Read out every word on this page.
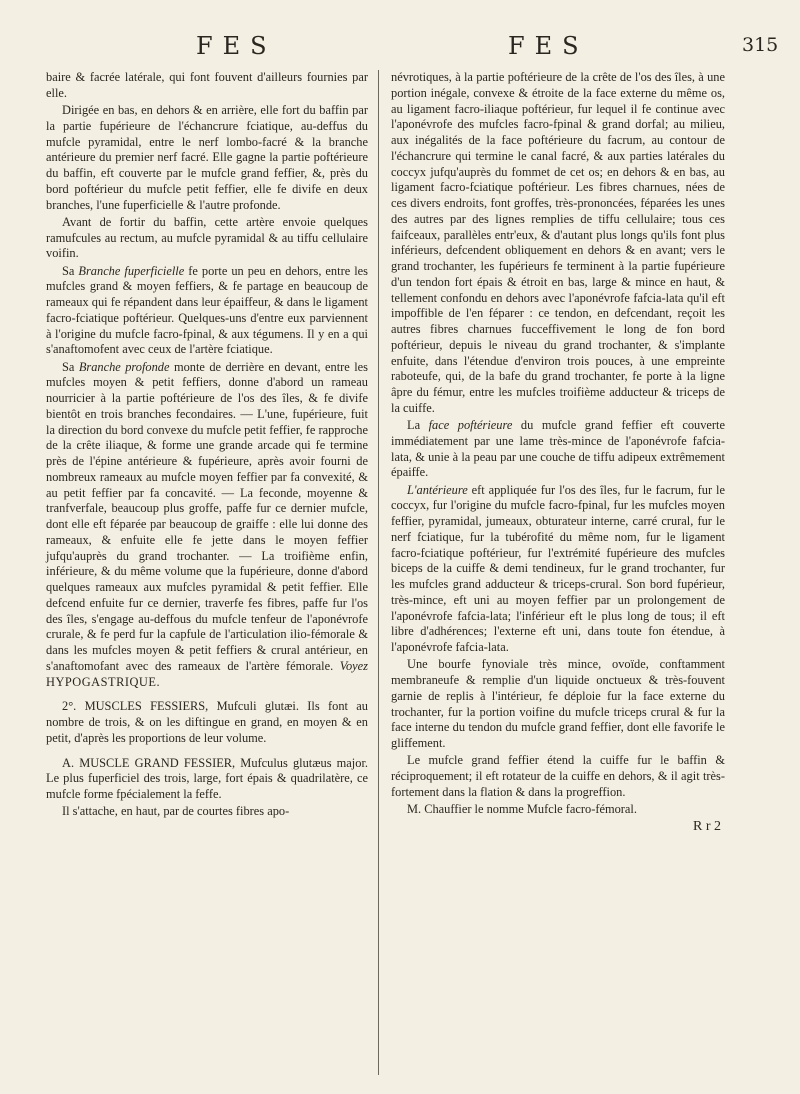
FES	FES	315

baire & facrée latérale, qui font fouvent d'ailleurs fournies par elle.

Dirigée en bas, en dehors & en arrière, elle fort du baffin par la partie fupérieure de l'échancrure fciatique, au-deffus du mufcle pyramidal, entre le nerf lombo-facré & la branche antérieure du premier nerf facré. Elle gagne la partie poftérieure du baffin, eft couverte par le mufcle grand feffier, &, près du bord poftérieur du mufcle petit feffier, elle fe divife en deux branches, l'une fuperficielle & l'autre profonde.

Avant de fortir du baffin, cette artère envoie quelques ramufcules au rectum, au mufcle pyramidal & au tiffu cellulaire voifin.

Sa Branche fuperficielle fe porte un peu en dehors, entre les mufcles grand & moyen feffiers, & fe partage en beaucoup de rameaux qui fe répandent dans leur épaiffeur, & dans le ligament facro-fciatique poftérieur. Quelques-uns d'entre eux parviennent à l'origine du mufcle facro-fpinal, & aux tégumens. Il y en a qui s'anaftomofent avec ceux de l'artère fciatique.

Sa Branche profonde monte de derrière en devant, entre les mufcles moyen & petit feffiers, donne d'abord un rameau nourricier à la partie poftérieure de l'os des îles, & fe divife bientôt en trois branches fecondaires. — L'une, fupérieure, fuit la direction du bord convexe du mufcle petit feffier, fe rapproche de la crête iliaque, & forme une grande arcade qui fe termine près de l'épine antérieure & fupérieure, après avoir fourni de nombreux rameaux au mufcle moyen feffier par fa convexité, & au petit feffier par fa concavité. — La feconde, moyenne & tranfverfale, beaucoup plus groffe, paffe fur ce dernier mufcle, dont elle eft féparée par beaucoup de graiffe : elle lui donne des rameaux, & enfuite elle fe jette dans le moyen feffier jufqu'auprès du grand trochanter. — La troifième enfin, inférieure, & du même volume que la fupérieure, donne d'abord quelques rameaux aux mufcles pyramidal & petit feffier. Elle defcend enfuite fur ce dernier, traverfe fes fibres, paffe fur l'os des îles, s'engage au-deffous du mufcle tenfeur de l'aponévrofe crurale, & fe perd fur la capfule de l'articulation ilio-fémorale & dans les mufcles moyen & petit feffiers & crural antérieur, en s'anaftomofant avec des rameaux de l'artère fémorale. Voyez HYPOGASTRIQUE.

2°. MUSCLES FESSIERS, Mufculi glutæi. Ils font au nombre de trois, & on les diftingue en grand, en moyen & en petit, d'après les proportions de leur volume.

A. MUSCLE GRAND FESSIER, Mufculus glutæus major. Le plus fuperficiel des trois, large, fort épais & quadrilatère, ce mufcle forme fpécialement la feffe.

Il s'attache, en haut, par de courtes fibres apo-

névrotiques, à la partie poftérieure de la crête de l'os des îles, à une portion inégale, convexe & étroite de la face externe du même os, au ligament facro-iliaque poftérieur, fur lequel il fe continue avec l'aponévrofe des mufcles facro-fpinal & grand dorfal; au milieu, aux inégalités de la face poftérieure du facrum, au contour de l'échancrure qui termine le canal facré, & aux parties latérales du coccyx jufqu'auprès du fommet de cet os; en dehors & en bas, au ligament facro-fciatique poftérieur. Les fibres charnues, nées de ces divers endroits, font groffes, très-prononcées, féparées les unes des autres par des lignes remplies de tiffu cellulaire; tous ces faifceaux, parallèles entr'eux, & d'autant plus longs qu'ils font plus inférieurs, defcendent obliquement en dehors & en avant; vers le grand trochanter, les fupérieurs fe terminent à la partie fupérieure d'un tendon fort épais & étroit en bas, large & mince en haut, & tellement confondu en dehors avec l'aponévrofe fafcia-lata qu'il eft impoffible de l'en féparer : ce tendon, en defcendant, reçoit les autres fibres charnues fucceffivement le long de fon bord poftérieur, depuis le niveau du grand trochanter, & s'implante enfuite, dans l'étendue d'environ trois pouces, à une empreinte raboteufe, qui, de la bafe du grand trochanter, fe porte à la ligne âpre du fémur, entre les mufcles troifième adducteur & triceps de la cuiffe.

La face poftérieure du mufcle grand feffier eft couverte immédiatement par une lame très-mince de l'aponévrofe fafcia-lata, & unie à la peau par une couche de tiffu adipeux extrêmement épaiffe.

L'antérieure eft appliquée fur l'os des îles, fur le facrum, fur le coccyx, fur l'origine du mufcle facro-fpinal, fur les mufcles moyen feffier, pyramidal, jumeaux, obturateur interne, carré crural, fur le nerf fciatique, fur la tubérofité du même nom, fur le ligament facro-fciatique poftérieur, fur l'extrémité fupérieure des mufcles biceps de la cuiffe & demi tendineux, fur le grand trochanter, fur les mufcles grand adducteur & triceps-crural. Son bord fupérieur, très-mince, eft uni au moyen feffier par un prolongement de l'aponévrofe fafcia-lata; l'inférieur eft le plus long de tous; il eft libre d'adhérences; l'externe eft uni, dans toute fon étendue, à l'aponévrofe fafcia-lata.

Une bourfe fynoviale très mince, ovoïde, conftamment membraneufe & remplie d'un liquide onctueux & très-fouvent garnie de replis à l'intérieur, fe déploie fur la face externe du trochanter, fur la portion voifine du mufcle triceps crural & fur la face interne du tendon du mufcle grand feffier, dont elle favorife le gliffement.

Le mufcle grand feffier étend la cuiffe fur le baffin & réciproquement; il eft rotateur de la cuiffe en dehors, & il agit très-fortement dans la flation & dans la progreffion.

M. Chauffier le nomme Mufcle facro-fémoral.

R r 2
